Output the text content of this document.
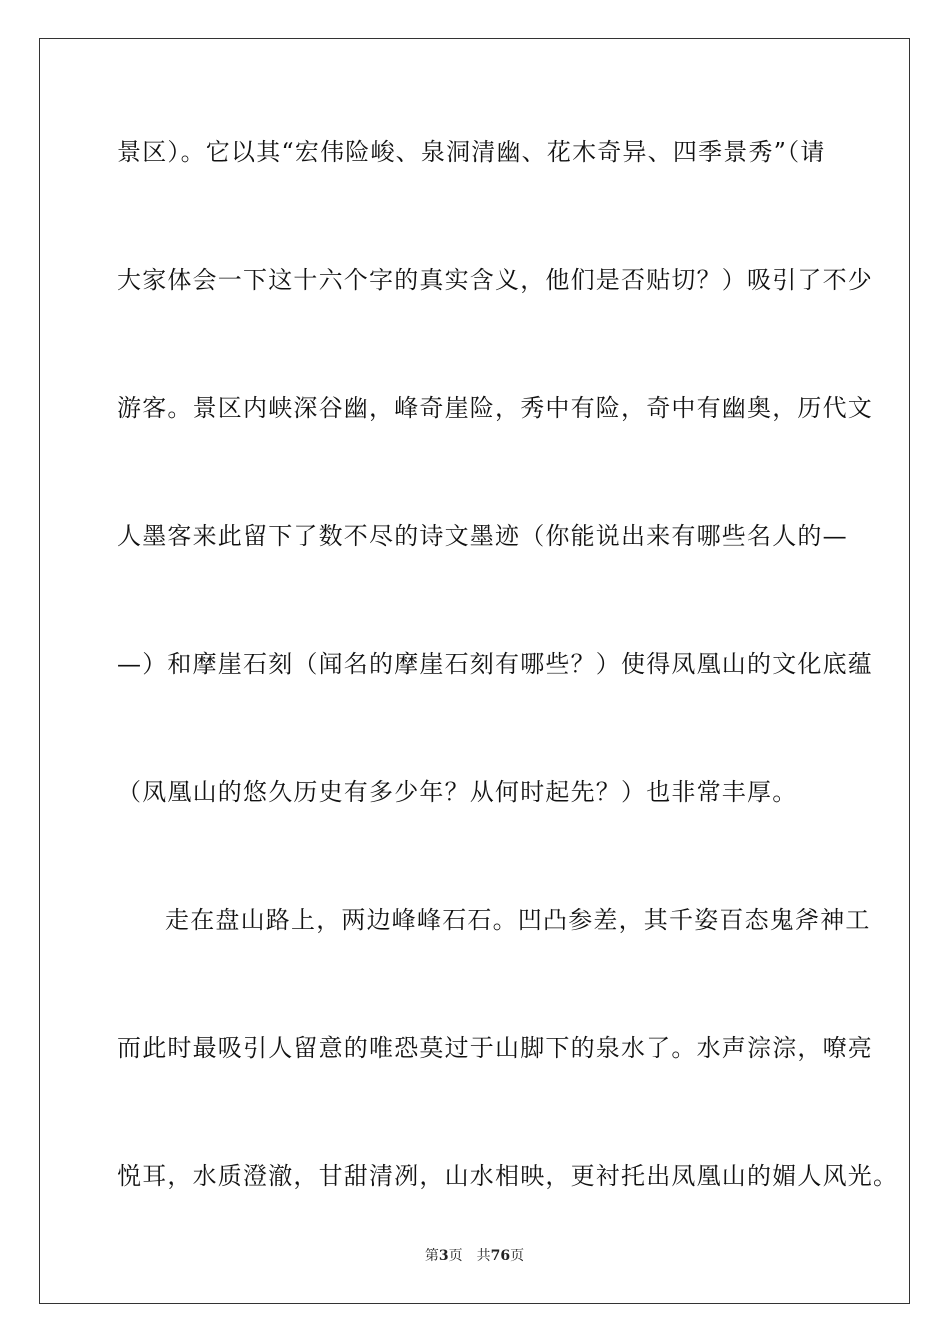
景区）。它以其“宏伟险峻、泉洞清幽、花木奇异、四季景秀”（请
大家体会一下这十六个字的真实含义，他们是否贴切？）吸引了不少
游客。景区内峡深谷幽，峰奇崖险，秀中有险，奇中有幽奥，历代文
人墨客来此留下了数不尽的诗文墨迹（你能说出来有哪些名人的—
—）和摩崖石刻（闻名的摩崖石刻有哪些？）使得凤凰山的文化底蕴
（凤凰山的悠久历史有多少年？从何时起先？）也非常丰厚。
走在盘山路上，两边峰峰石石。凹凸参差，其千姿百态鬼斧神工
而此时最吸引人留意的唯恐莫过于山脚下的泉水了。水声淙淙，嘹亮
悦耳，水质澄澈，甘甜清冽，山水相映，更衬托出凤凰山的媚人风光。
第3页 共76页
